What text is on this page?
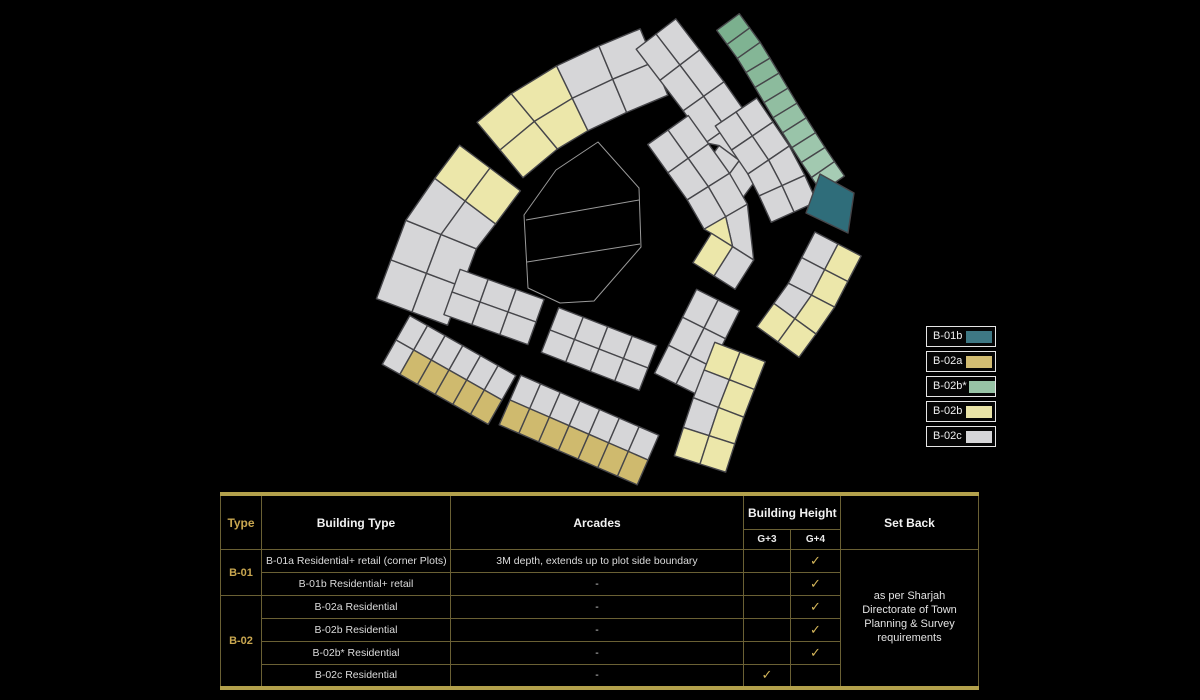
B-01b
B-02a
B-02b*
B-02b
B-02c
Type	Building Type	Arcades	Building Height		Set Back
			G+3	G+4	
B-01	B-01a Residential+ retail (corner Plots)	3M depth, extends up to plot side boundary		✓	as per Sharjah Directorate of Town Planning & Survey requirements
	B-01b Residential+ retail	-		✓	
B-02	B-02a Residential	-		✓	
	B-02b Residential	-		✓	
	B-02b* Residential	-		✓	
	B-02c Residential	-	✓		
